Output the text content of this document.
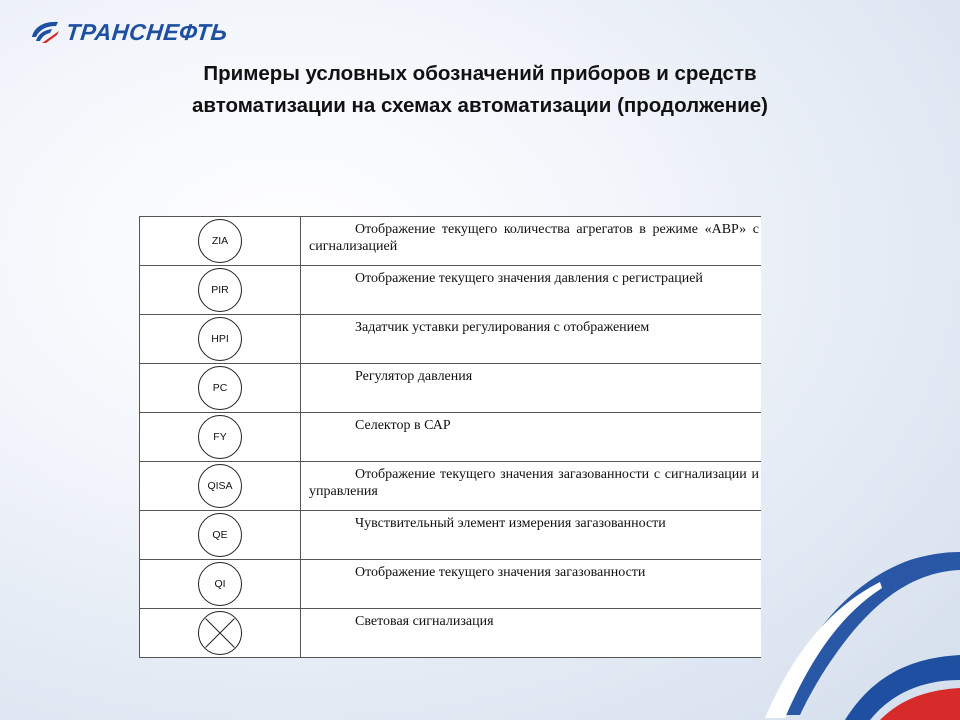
ТРАНСНЕФТЬ
Примеры условных обозначений приборов и средств
автоматизации на схемах автоматизации (продолжение)
ZIA
Отображение текущего количества агрегатов в режиме «АВР» с сигнализацией
PIR
Отображение текущего значения давления с регистрацией
HPI
Задатчик уставки регулирования с отображением
PC
Регулятор давления
FY
Селектор в САР
QISA
Отображение текущего значения загазованности с сигнализации и управления
QE
Чувствительный элемент измерения загазованности
QI
Отображение текущего значения загазованности
Световая сигнализация
